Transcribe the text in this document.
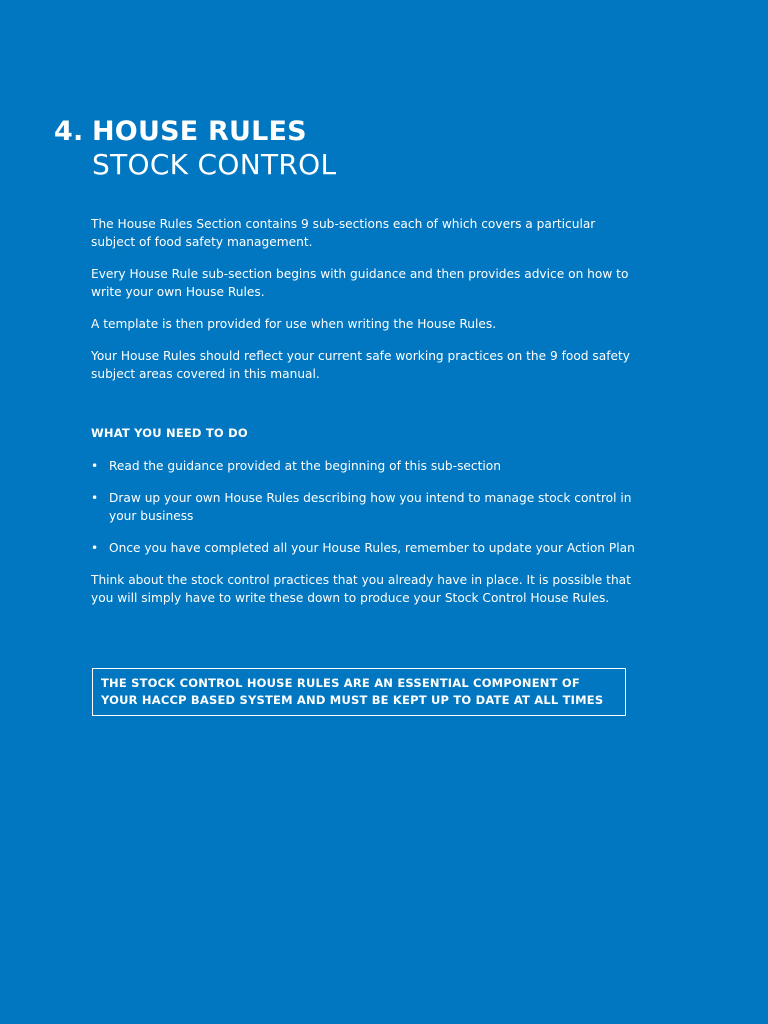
4. HOUSE RULES
STOCK CONTROL

The House Rules Section contains 9 sub-sections each of which covers a particular subject of food safety management.

Every House Rule sub-section begins with guidance and then provides advice on how to write your own House Rules.

A template is then provided for use when writing the House Rules.

Your House Rules should reflect your current safe working practices on the 9 food safety subject areas covered in this manual.

WHAT YOU NEED TO DO
• Read the guidance provided at the beginning of this sub-section
• Draw up your own House Rules describing how you intend to manage stock control in your business
• Once you have completed all your House Rules, remember to update your Action Plan

Think about the stock control practices that you already have in place. It is possible that you will simply have to write these down to produce your Stock Control House Rules.

THE STOCK CONTROL HOUSE RULES ARE AN ESSENTIAL COMPONENT OF YOUR HACCP BASED SYSTEM AND MUST BE KEPT UP TO DATE AT ALL TIMES
